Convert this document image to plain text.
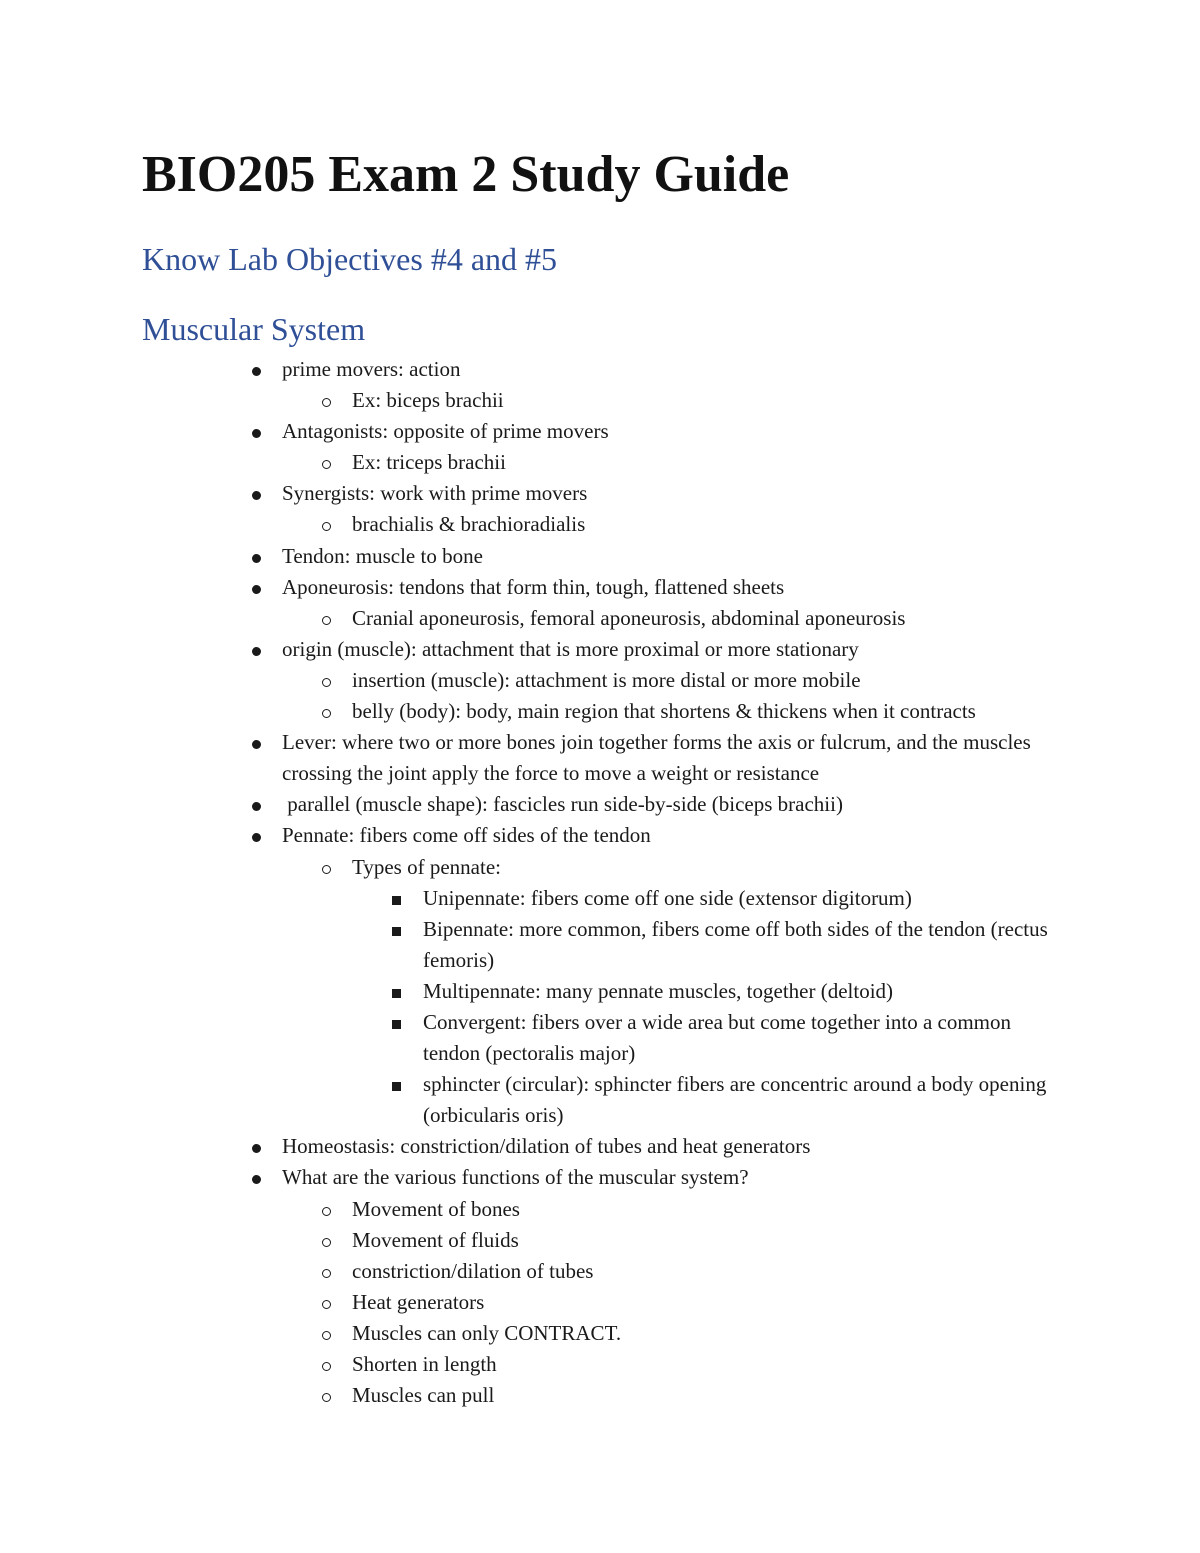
BIO205 Exam 2 Study Guide
Know Lab Objectives #4 and #5
Muscular System
prime movers: action
Ex: biceps brachii
Antagonists: opposite of prime movers
Ex: triceps brachii
Synergists: work with prime movers
brachialis & brachioradialis
Tendon: muscle to bone
Aponeurosis: tendons that form thin, tough, flattened sheets
Cranial aponeurosis, femoral aponeurosis, abdominal aponeurosis
origin (muscle): attachment that is more proximal or more stationary
insertion (muscle): attachment is more distal or more mobile
belly (body): body, main region that shortens & thickens when it contracts
Lever: where two or more bones join together forms the axis or fulcrum, and the muscles crossing the joint apply the force to move a weight or resistance
parallel (muscle shape): fascicles run side-by-side (biceps brachii)
Pennate: fibers come off sides of the tendon
Types of pennate:
Unipennate: fibers come off one side (extensor digitorum)
Bipennate: more common, fibers come off both sides of the tendon (rectus femoris)
Multipennate: many pennate muscles, together (deltoid)
Convergent: fibers over a wide area but come together into a common tendon (pectoralis major)
sphincter (circular): sphincter fibers are concentric around a body opening (orbicularis oris)
Homeostasis: constriction/dilation of tubes and heat generators
What are the various functions of the muscular system?
Movement of bones
Movement of fluids
constriction/dilation of tubes
Heat generators
Muscles can only CONTRACT.
Shorten in length
Muscles can pull
